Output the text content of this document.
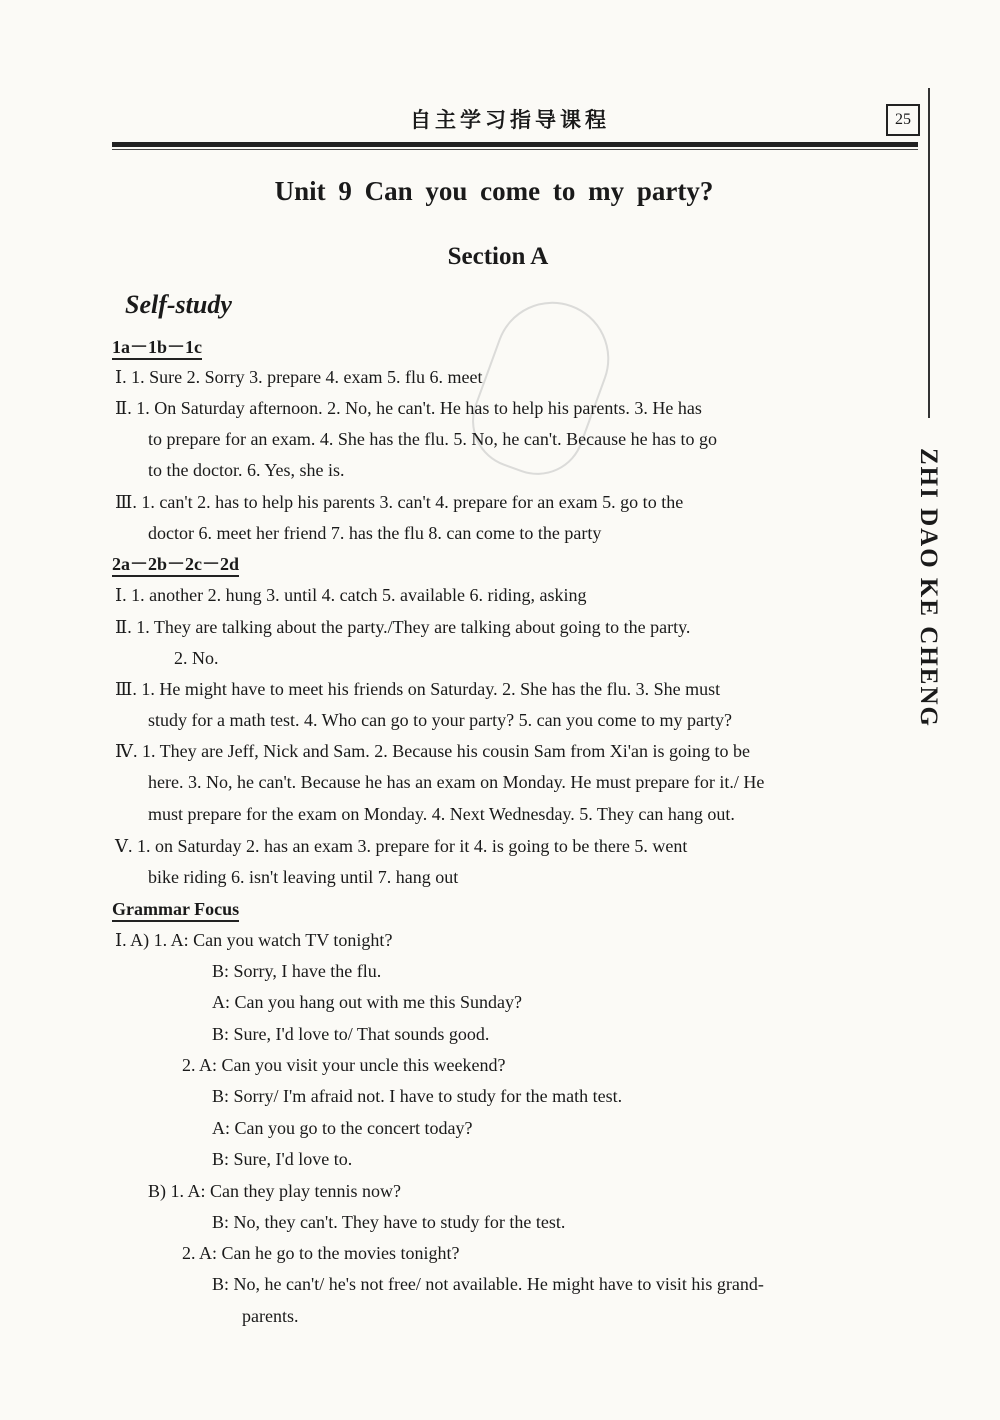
自主学习指导课程	25
ZHI DAO KE CHENG
Unit 9 Can you come to my party?
Section A
Self-study
1a－1b－1c
2a－2b－2c－2d
Grammar Focus
Ⅰ. 1. Sure 2. Sorry 3. prepare 4. exam 5. flu 6. meet
Ⅱ. 1. On Saturday afternoon. 2. No, he can't. He has to help his parents. 3. He has
to prepare for an exam. 4. She has the flu. 5. No, he can't. Because he has to go
to the doctor. 6. Yes, she is.
Ⅲ. 1. can't 2. has to help his parents 3. can't 4. prepare for an exam 5. go to the
doctor 6. meet her friend 7. has the flu 8. can come to the party
Ⅰ. 1. another 2. hung 3. until 4. catch 5. available 6. riding, asking
Ⅱ. 1. They are talking about the party./They are talking about going to the party.
2. No.
Ⅲ. 1. He might have to meet his friends on Saturday. 2. She has the flu. 3. She must
study for a math test. 4. Who can go to your party? 5. can you come to my party?
Ⅳ. 1. They are Jeff, Nick and Sam. 2. Because his cousin Sam from Xi'an is going to be
here. 3. No, he can't. Because he has an exam on Monday. He must prepare for it./ He
must prepare for the exam on Monday. 4. Next Wednesday. 5. They can hang out.
Ⅴ. 1. on Saturday 2. has an exam 3. prepare for it 4. is going to be there 5. went
bike riding 6. isn't leaving until 7. hang out
Ⅰ. A) 1. A: Can you watch TV tonight?
B: Sorry, I have the flu.
A: Can you hang out with me this Sunday?
B: Sure, I'd love to/ That sounds good.
2. A: Can you visit your uncle this weekend?
B: Sorry/ I'm afraid not. I have to study for the math test.
A: Can you go to the concert today?
B: Sure, I'd love to.
B) 1. A: Can they play tennis now?
B: No, they can't. They have to study for the test.
2. A: Can he go to the movies tonight?
B: No, he can't/ he's not free/ not available. He might have to visit his grand-
parents.
